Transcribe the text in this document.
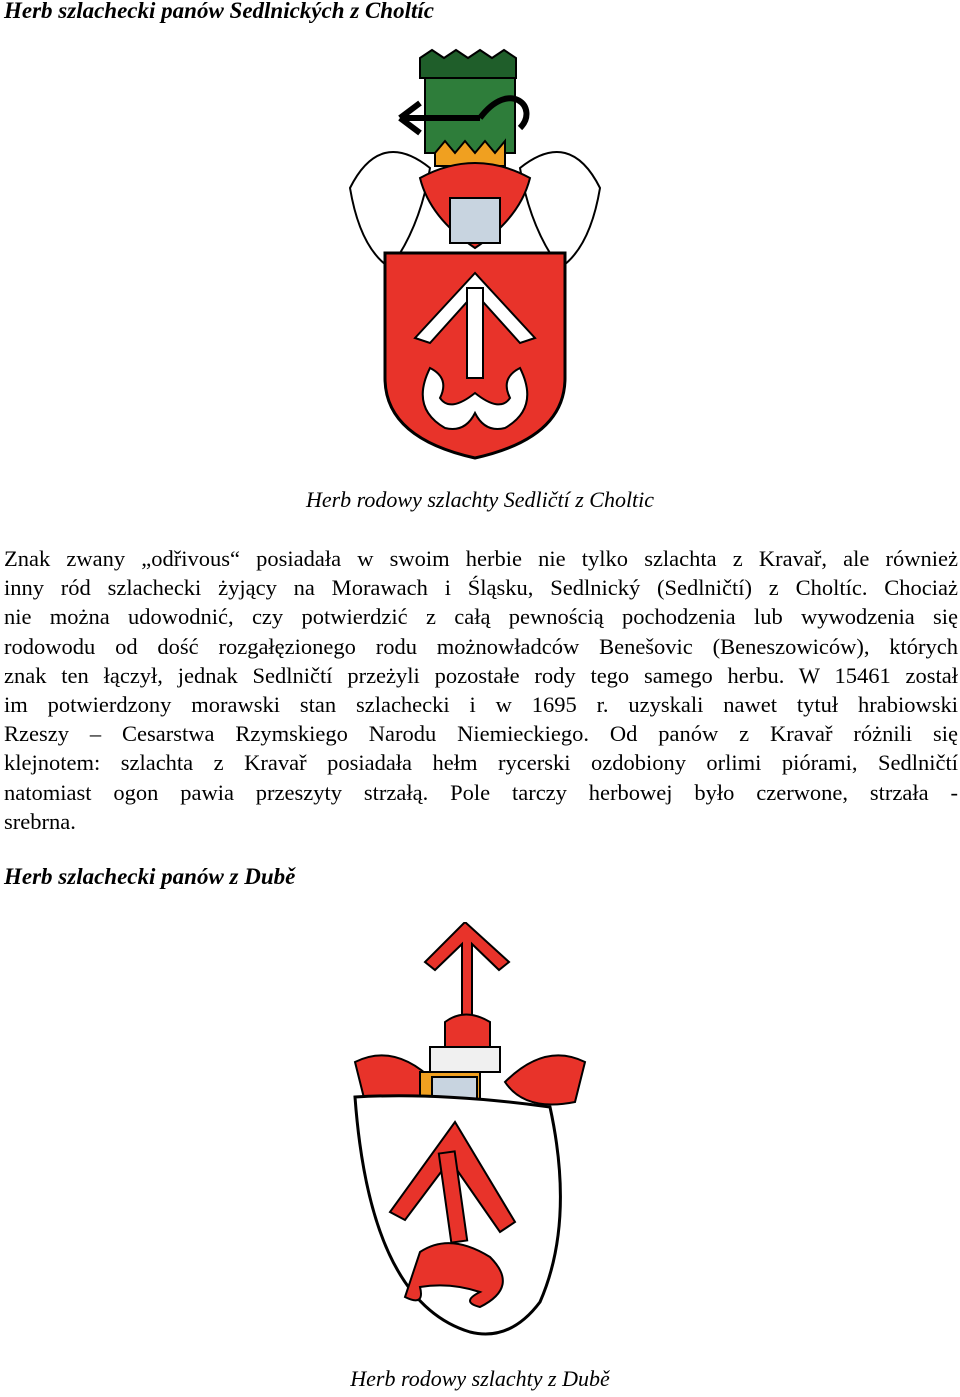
Herb szlachecki panów Sedlnických z Choltíc
Herb rodowy szlachty Sedličtí z Choltic
Znak zwany „odřivous“ posiadała w swoim herbie nie tylko szlachta z Kravař, ale również
inny ród szlachecki żyjący na Morawach i Śląsku, Sedlnický (Sedlničtí) z Choltíc. Chociaż
nie można udowodnić, czy potwierdzić z całą pewnością pochodzenia lub wywodzenia się
rodowodu od dość rozgałęzionego rodu możnowładców Benešovic (Beneszowiców), których
znak ten łączył, jednak Sedlničtí przeżyli pozostałe rody tego samego herbu. W 15461 został
im potwierdzony morawski stan szlachecki i w 1695 r. uzyskali nawet tytuł hrabiowski
Rzeszy – Cesarstwa Rzymskiego Narodu Niemieckiego. Od panów z Kravař różnili się
klejnotem: szlachta z Kravař posiadała hełm rycerski ozdobiony orlimi piórami, Sedlničtí
natomiast ogon pawia przeszyty strzałą. Pole tarczy herbowej było czerwone, strzała -
srebrna.
Herb szlachecki panów z Dubě
Herb rodowy szlachty z Dubě
